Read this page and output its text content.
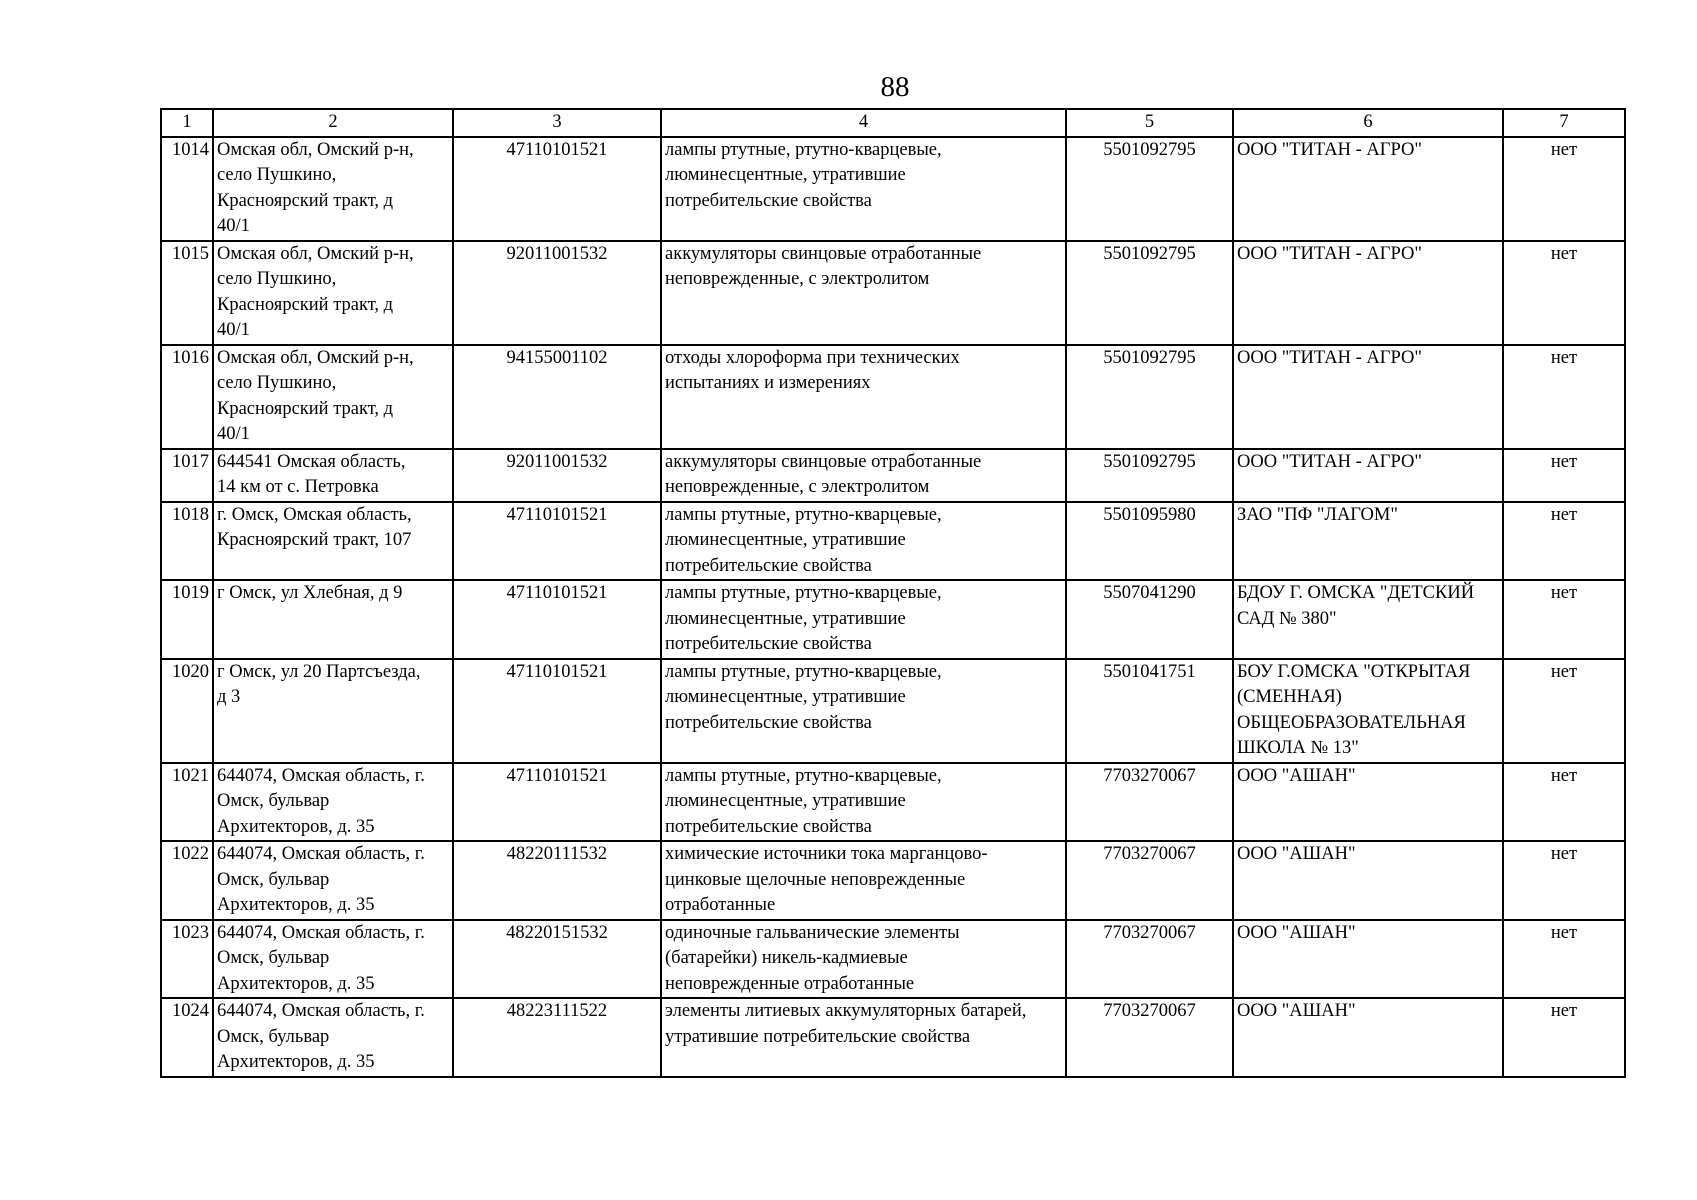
88
1	2	3	4	5	6	7
1014	Омская обл, Омский р-н,
село Пушкино,
Красноярский тракт, д
40/1	47110101521	лампы ртутные, ртутно-кварцевые,
люминесцентные, утратившие
потребительские свойства	5501092795	ООО "ТИТАН - АГРО"	нет
1015	Омская обл, Омский р-н,
село Пушкино,
Красноярский тракт, д
40/1	92011001532	аккумуляторы свинцовые отработанные
неповрежденные, с электролитом	5501092795	ООО "ТИТАН - АГРО"	нет
1016	Омская обл, Омский р-н,
село Пушкино,
Красноярский тракт, д
40/1	94155001102	отходы хлороформа при технических
испытаниях и измерениях	5501092795	ООО "ТИТАН - АГРО"	нет
1017	644541 Омская область,
14 км от с. Петровка	92011001532	аккумуляторы свинцовые отработанные
неповрежденные, с электролитом	5501092795	ООО "ТИТАН - АГРО"	нет
1018	г. Омск, Омская область,
Красноярский тракт, 107	47110101521	лампы ртутные, ртутно-кварцевые,
люминесцентные, утратившие
потребительские свойства	5501095980	ЗАО "ПФ "ЛАГОМ"	нет
1019	г Омск, ул Хлебная, д 9	47110101521	лампы ртутные, ртутно-кварцевые,
люминесцентные, утратившие
потребительские свойства	5507041290	БДОУ Г. ОМСКА "ДЕТСКИЙ
САД № 380"	нет
1020	г Омск, ул 20 Партсъезда,
д 3	47110101521	лампы ртутные, ртутно-кварцевые,
люминесцентные, утратившие
потребительские свойства	5501041751	БОУ Г.ОМСКА "ОТКРЫТАЯ
(СМЕННАЯ)
ОБЩЕОБРАЗОВАТЕЛЬНАЯ
ШКОЛА № 13"	нет
1021	644074, Омская область, г.
Омск, бульвар
Архитекторов, д. 35	47110101521	лампы ртутные, ртутно-кварцевые,
люминесцентные, утратившие
потребительские свойства	7703270067	ООО "АШАН"	нет
1022	644074, Омская область, г.
Омск, бульвар
Архитекторов, д. 35	48220111532	химические источники тока марганцово-
цинковые щелочные неповрежденные
отработанные	7703270067	ООО "АШАН"	нет
1023	644074, Омская область, г.
Омск, бульвар
Архитекторов, д. 35	48220151532	одиночные гальванические элементы
(батарейки) никель-кадмиевые
неповрежденные отработанные	7703270067	ООО "АШАН"	нет
1024	644074, Омская область, г.
Омск, бульвар
Архитекторов, д. 35	48223111522	элементы литиевых аккумуляторных батарей,
утратившие потребительские свойства	7703270067	ООО "АШАН"	нет
